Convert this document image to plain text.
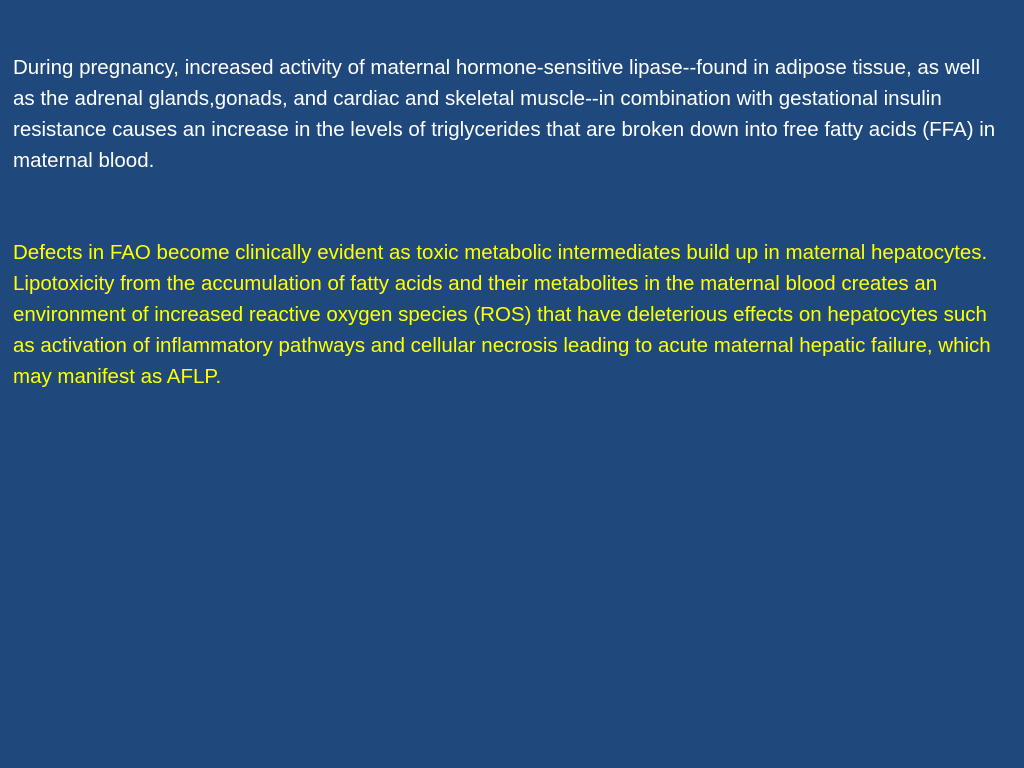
During pregnancy, increased activity of maternal hormone-sensitive lipase--found in adipose tissue, as well as the adrenal glands,gonads, and cardiac and skeletal muscle--in combination with gestational insulin resistance causes an increase in the levels of triglycerides that are broken down into free fatty acids (FFA) in maternal blood.

Defects in FAO become clinically evident as toxic metabolic intermediates build up in maternal hepatocytes. Lipotoxicity from the accumulation of fatty acids and their metabolites in the maternal blood creates an environment of increased reactive oxygen species (ROS) that have deleterious effects on hepatocytes such as activation of inflammatory pathways and cellular necrosis leading to acute maternal hepatic failure, which may manifest as AFLP.
